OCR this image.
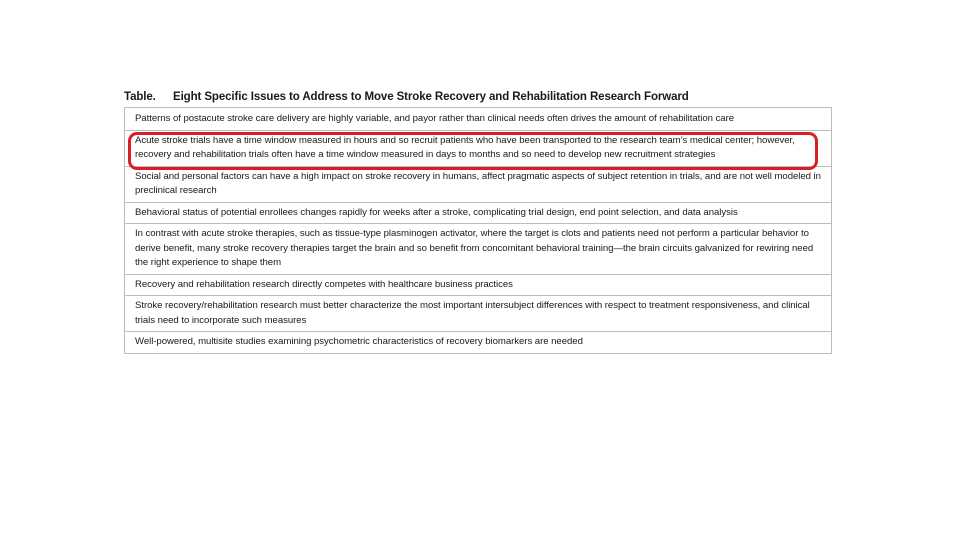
Table. Eight Specific Issues to Address to Move Stroke Recovery and Rehabilitation Research Forward
Patterns of postacute stroke care delivery are highly variable, and payor rather than clinical needs often drives the amount of rehabilitation care
Acute stroke trials have a time window measured in hours and so recruit patients who have been transported to the research team’s medical center; however, recovery and rehabilitation trials often have a time window measured in days to months and so need to develop new recruitment strategies
Social and personal factors can have a high impact on stroke recovery in humans, affect pragmatic aspects of subject retention in trials, and are not well modeled in preclinical research
Behavioral status of potential enrollees changes rapidly for weeks after a stroke, complicating trial design, end point selection, and data analysis
In contrast with acute stroke therapies, such as tissue-type plasminogen activator, where the target is clots and patients need not perform a particular behavior to derive benefit, many stroke recovery therapies target the brain and so benefit from concomitant behavioral training—the brain circuits galvanized for rewiring need the right experience to shape them
Recovery and rehabilitation research directly competes with healthcare business practices
Stroke recovery/rehabilitation research must better characterize the most important intersubject differences with respect to treatment responsiveness, and clinical trials need to incorporate such measures
Well-powered, multisite studies examining psychometric characteristics of recovery biomarkers are needed
